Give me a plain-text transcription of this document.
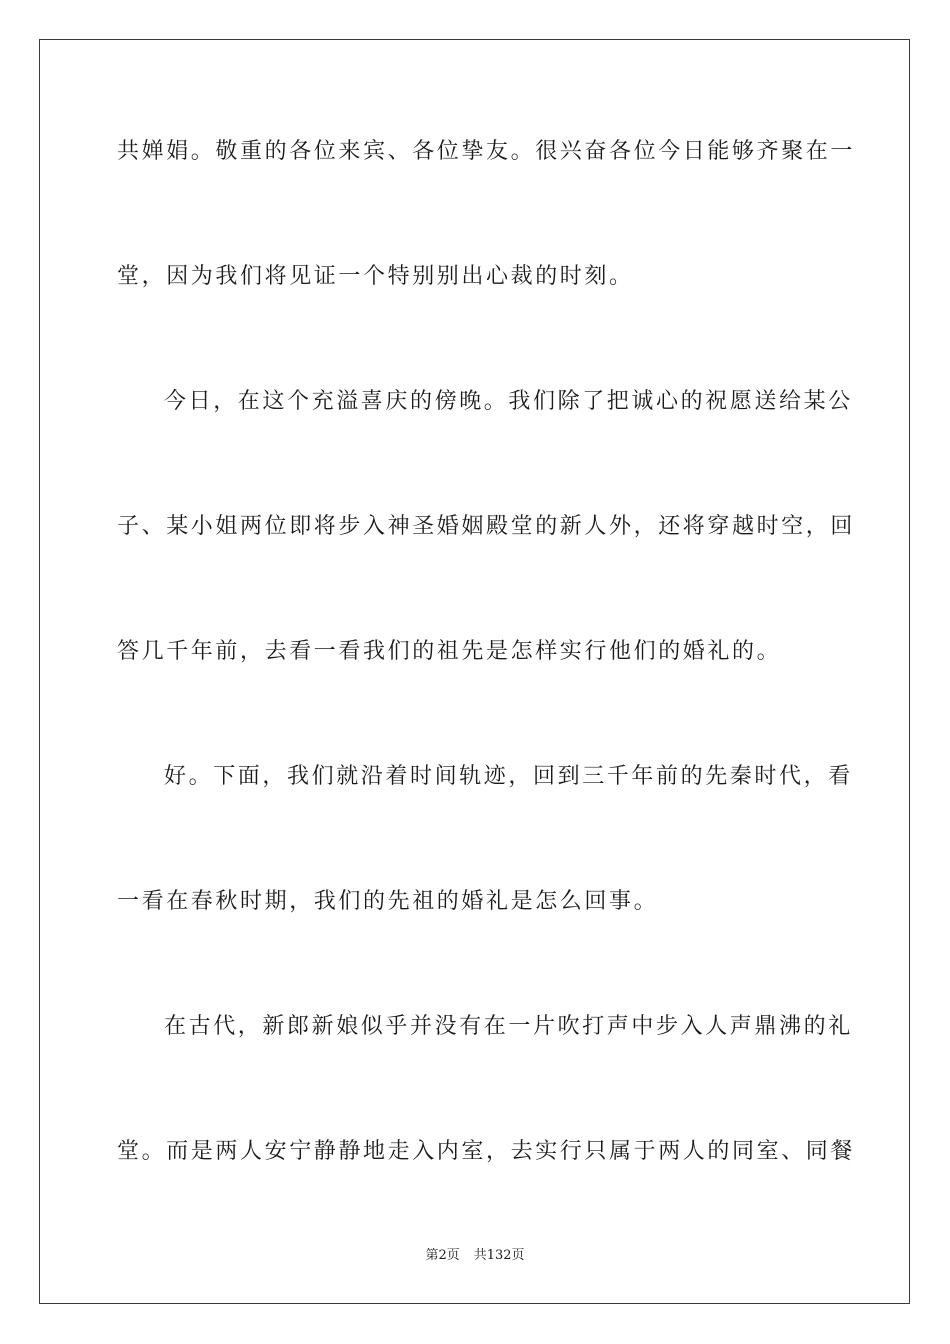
共婵娟。敬重的各位来宾、各位挚友。很兴奋各位今日能够齐聚在一
堂，因为我们将见证一个特别别出心裁的时刻。
今日，在这个充溢喜庆的傍晚。我们除了把诚心的祝愿送给某公
子、某小姐两位即将步入神圣婚姻殿堂的新人外，还将穿越时空，回
答几千年前，去看一看我们的祖先是怎样实行他们的婚礼的。
好。下面，我们就沿着时间轨迹，回到三千年前的先秦时代，看
一看在春秋时期，我们的先祖的婚礼是怎么回事。
在古代，新郎新娘似乎并没有在一片吹打声中步入人声鼎沸的礼
堂。而是两人安宁静静地走入内室，去实行只属于两人的同室、同餐
第2页 共132页
